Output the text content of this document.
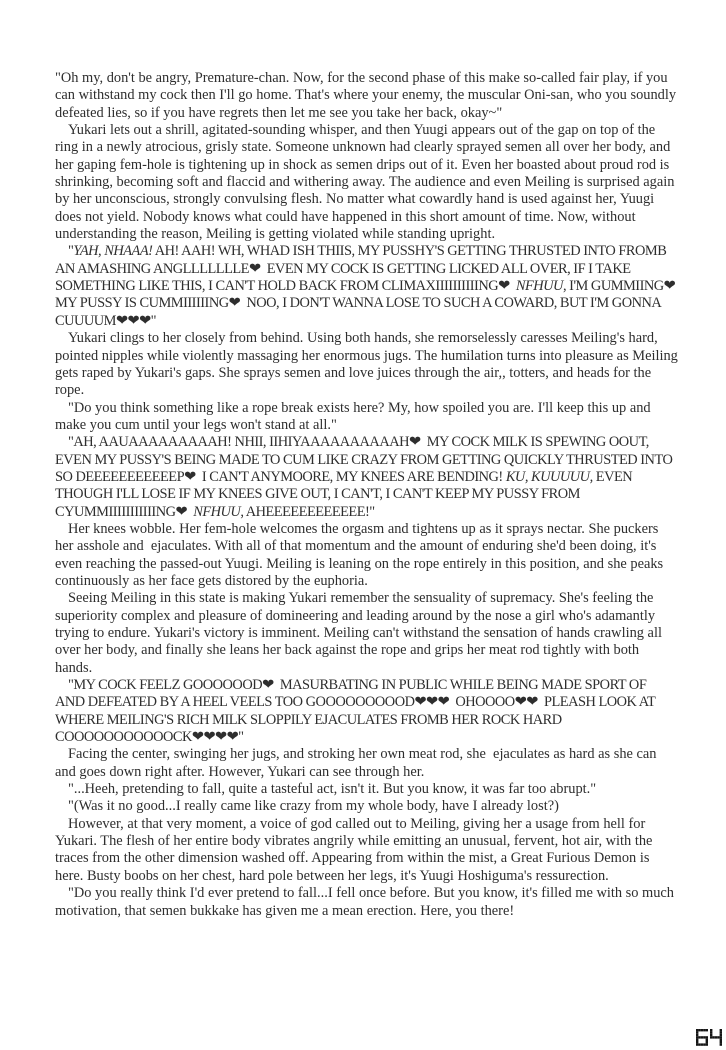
"Oh my, don't be angry, Premature-chan. Now, for the second phase of this make so-called fair play, if you can withstand my cock then I'll go home. That's where your enemy, the muscular Oni-san, who you soundly defeated lies, so if you have regrets then let me see you take her back, okay~"

Yukari lets out a shrill, agitated-sounding whisper, and then Yuugi appears out of the gap on top of the ring in a newly atrocious, grisly state. Someone unknown had clearly sprayed semen all over her body, and her gaping fem-hole is tightening up in shock as semen drips out of it. Even her boasted about proud rod is shrinking, becoming soft and flaccid and withering away. The audience and even Meiling is surprised again by her unconscious, strongly convulsing flesh. No matter what cowardly hand is used against her, Yuugi does not yield. Nobody knows what could have happened in this short amount of time. Now, without understanding the reason, Meiling is getting violated while standing upright.

"YAH, NHAAA! AH! AAH! WH, WHAD ISH THIIS, MY PUSSHY'S GETTING THRUSTED INTO FROMB AN AMASHING ANGLLLLLLLE❤  EVEN MY COCK IS GETTING LICKED ALL OVER, IF I TAKE SOMETHING LIKE THIS, I CAN'T HOLD BACK FROM CLIMAXIIIIIIIIIING❤  NFHUU, I'M GUMMIING❤  MY PUSSY IS CUMMIIIIIING❤  NOO, I DON'T WANNA LOSE TO SUCH A COWARD, BUT I'M GONNA CUUUUM❤❤❤"

Yukari clings to her closely from behind. Using both hands, she remorselessly caresses Meiling's hard, pointed nipples while violently massaging her enormous jugs. The humilation turns into pleasure as Meiling gets raped by Yukari's gaps. She sprays semen and love juices through the air,, totters, and heads for the rope.

"Do you think something like a rope break exists here? My, how spoiled you are. I'll keep this up and make you cum until your legs won't stand at all."

"AH, AAUAAAAAAAAAH! NHII, IIHIYAAAAAAAAAAH❤  MY COCK MILK IS SPEWING OOUT, EVEN MY PUSSY'S BEING MADE TO CUM LIKE CRAZY FROM GETTING QUICKLY THRUSTED INTO SO DEEEEEEEEEEEP❤  I CAN'T ANYMOORE, MY KNEES ARE BENDING! KU, KUUUUU, EVEN THOUGH I'LL LOSE IF MY KNEES GIVE OUT, I CAN'T, I CAN'T KEEP MY PUSSY FROM CYUMMIIIIIIIIIIING❤  NFHUU, AHEEEEEEEEEEEE!"

Her knees wobble. Her fem-hole welcomes the orgasm and tightens up as it sprays nectar. She puckers her asshole and  ejaculates. With all of that momentum and the amount of enduring she'd been doing, it's even reaching the passed-out Yuugi. Meiling is leaning on the rope entirely in this position, and she peaks continuously as her face gets distored by the euphoria.

Seeing Meiling in this state is making Yukari remember the sensuality of supremacy. She's feeling the superiority complex and pleasure of domineering and leading around by the nose a girl who's adamantly trying to endure. Yukari's victory is imminent. Meiling can't withstand the sensation of hands crawling all over her body, and finally she leans her back against the rope and grips her meat rod tightly with both hands.

"MY COCK FEELZ GOOOOOOD❤  MASURBATING IN PUBLIC WHILE BEING MADE SPORT OF AND DEFEATED BY A HEEL VEELS TOO GOOOOOOOOOD❤❤❤  OHOOOO❤❤  PLEASH LOOK AT WHERE MEILING'S RICH MILK SLOPPILY EJACULATES FROMB HER ROCK HARD COOOOOOOOOOOCK❤❤❤❤"

Facing the center, swinging her jugs, and stroking her own meat rod, she  ejaculates as hard as she can and goes down right after. However, Yukari can see through her.

"...Heeh, pretending to fall, quite a tasteful act, isn't it. But you know, it was far too abrupt."

"(Was it no good...I really came like crazy from my whole body, have I already lost?)

However, at that very moment, a voice of god called out to Meiling, giving her a usage from hell for Yukari. The flesh of her entire body vibrates angrily while emitting an unusual, fervent, hot air, with the traces from the other dimension washed off. Appearing from within the mist, a Great Furious Demon is here. Busty boobs on her chest, hard pole between her legs, it's Yuugi Hoshiguma's ressurection.

"Do you really think I'd ever pretend to fall...I fell once before. But you know, it's filled me with so much motivation, that semen bukkake has given me a mean erection. Here, you there!
